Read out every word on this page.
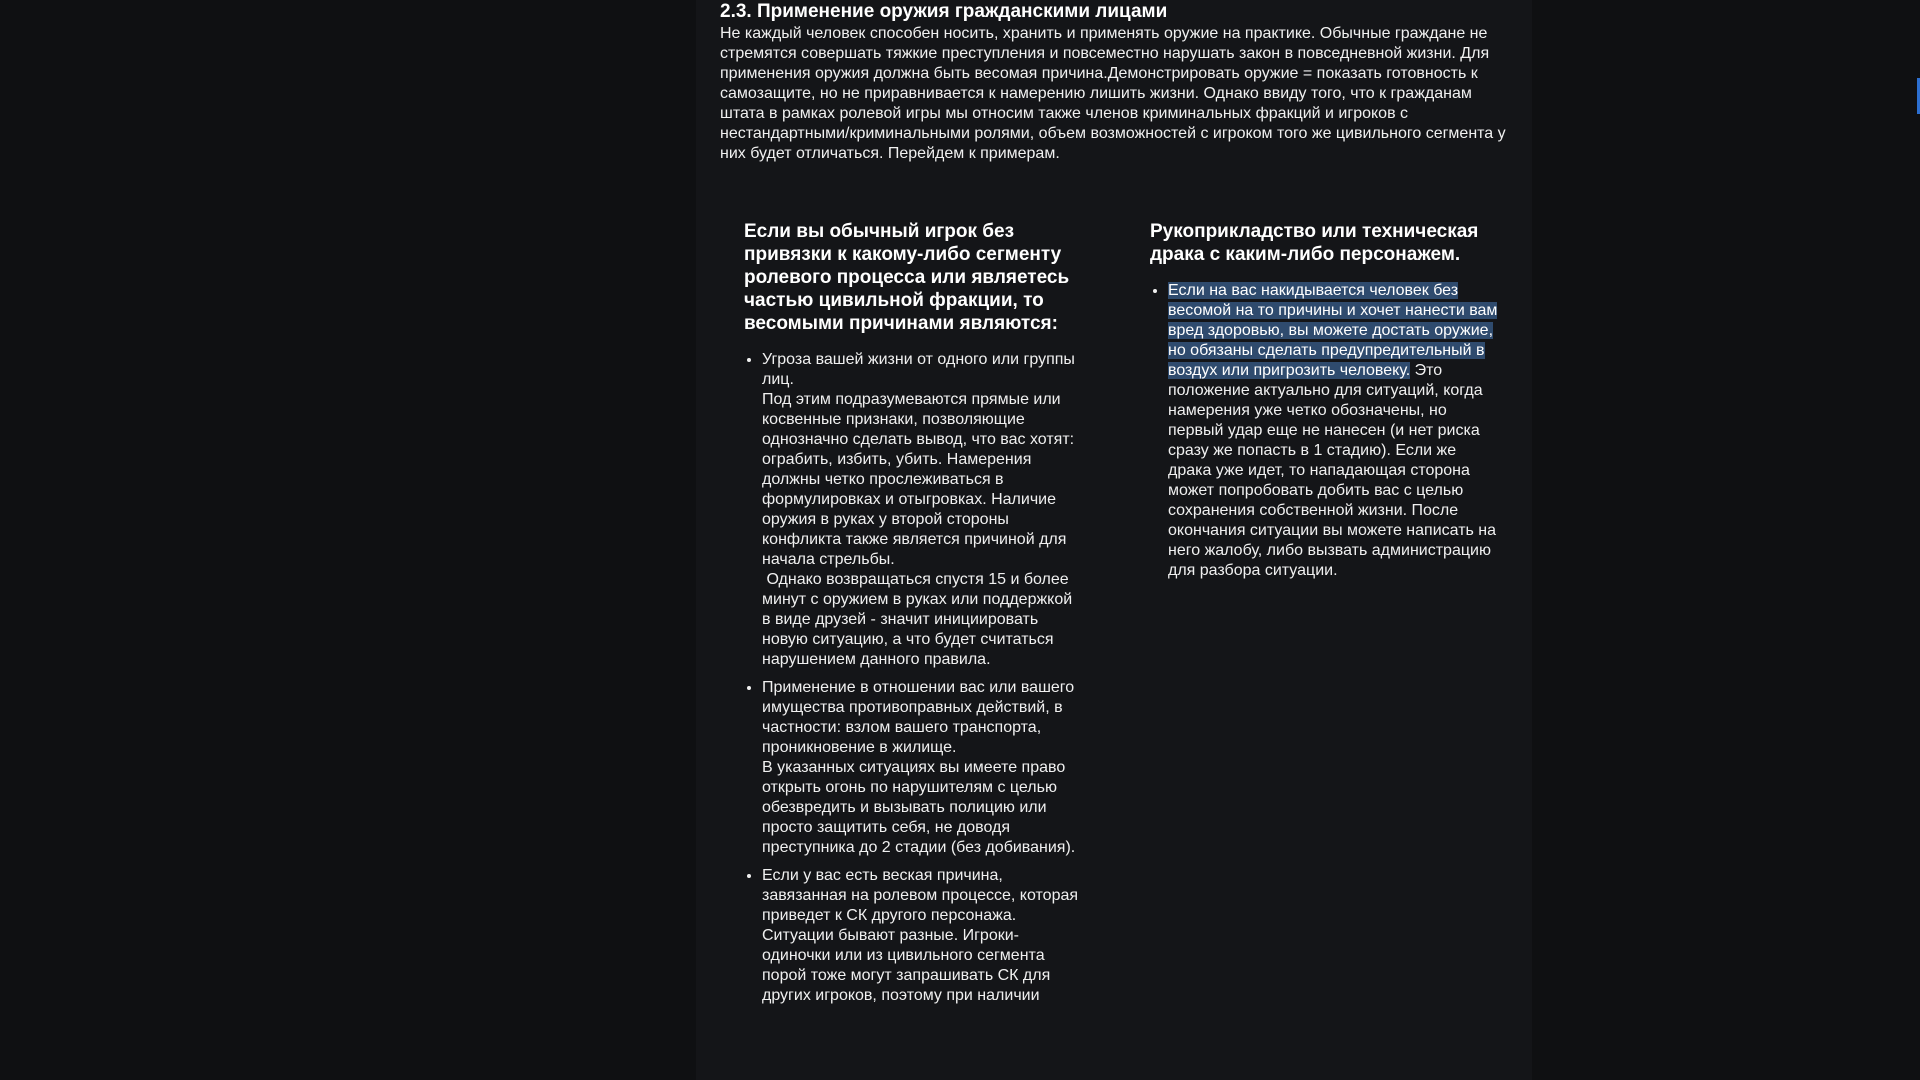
2.3. Применение оружия гражданскими лицами

Не каждый человек способен носить, хранить и применять оружие на практике. Обычные граждане не стремятся совершать тяжкие преступления и повсеместно нарушать закон в повседневной жизни. Для применения оружия должна быть весомая причина.Демонстрировать оружие = показать готовность к самозащите, но не приравнивается к намерению лишить жизни. Однако ввиду того, что к гражданам штата в рамках ролевой игры мы относим также членов криминальных фракций и игроков с нестандартными/криминальными ролями, объем возможностей с игроком того же цивильного сегмента у них будет отличаться. Перейдем к примерам.

Если вы обычный игрок без привязки к какому-либо сегменту ролевого процесса или являетесь частью цивильной фракции, то весомыми причинами являются:

• Угроза вашей жизни от одного или группы лиц.

Под этим подразумеваются прямые или косвенные признаки, позволяющие однозначно сделать вывод, что вас хотят: ограбить, избить, убить. Намерения должны четко прослеживаться в формулировках и отыгровках. Наличие оружия в руках у второй стороны конфликта также является причиной для начала стрельбы.

Однако возвращаться спустя 15 и более минут с оружием в руках или поддержкой в виде друзей - значит инициировать новую ситуацию, а что будет считаться нарушением данного правила.

• Применение в отношении вас или вашего имущества противоправных действий, в частности: взлом вашего транспорта, проникновение в жилище.

В указанных ситуациях вы имеете право открыть огонь по нарушителям с целью обезвредить и вызывать полицию или просто защитить себя, не доводя преступника до 2 стадии (без добивания).

• Если у вас есть веская причина, завязанная на ролевом процессе, которая приведет к СК другого персонажа.

Ситуации бывают разные. Игроки-одиночки или из цивильного сегмента порой тоже могут запрашивать СК для других игроков, поэтому при наличии

Рукоприкладство или техническая драка с каким-либо персонажем.
• Если на вас накидывается человек без весомой на то причины и хочет нанести вам вред здоровью, вы можете достать оружие, но обязаны сделать предупредительный в воздух или пригрозить человеку. Это положение актуально для ситуаций, когда намерения уже четко обозначены, но первый удар еще не нанесен (и нет риска сразу же попасть в 1 стадию). Если же драка уже идет, то нападающая сторона может попробовать добить вас с целью сохранения собственной жизни. После окончания ситуации вы можете написать на него жалобу, либо вызвать администрацию для разбора ситуации.
